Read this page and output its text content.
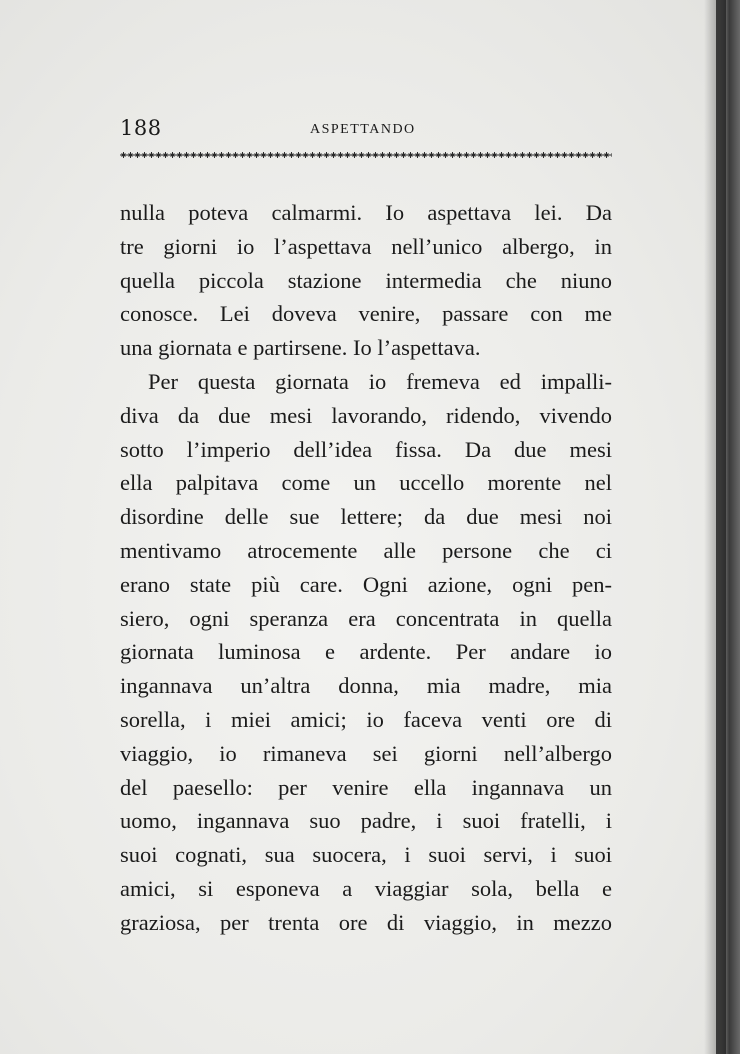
188	ASPETTANDO
nulla poteva calmarmi. Io aspettava lei. Da
tre giorni io l’aspettava nell’unico albergo, in
quella piccola stazione intermedia che niuno
conosce. Lei doveva venire, passare con me
una giornata e partirsene. Io l’aspettava.
Per questa giornata io fremeva ed impalli-
diva da due mesi lavorando, ridendo, vivendo
sotto l’imperio dell’idea fissa. Da due mesi
ella palpitava come un uccello morente nel
disordine delle sue lettere; da due mesi noi
mentivamo atrocemente alle persone che ci
erano state più care. Ogni azione, ogni pen-
siero, ogni speranza era concentrata in quella
giornata luminosa e ardente. Per andare io
ingannava un’altra donna, mia madre, mia
sorella, i miei amici; io faceva venti ore di
viaggio, io rimaneva sei giorni nell’albergo
del paesello: per venire ella ingannava un
uomo, ingannava suo padre, i suoi fratelli, i
suoi cognati, sua suocera, i suoi servi, i suoi
amici, si esponeva a viaggiar sola, bella e
graziosa, per trenta ore di viaggio, in mezzo
